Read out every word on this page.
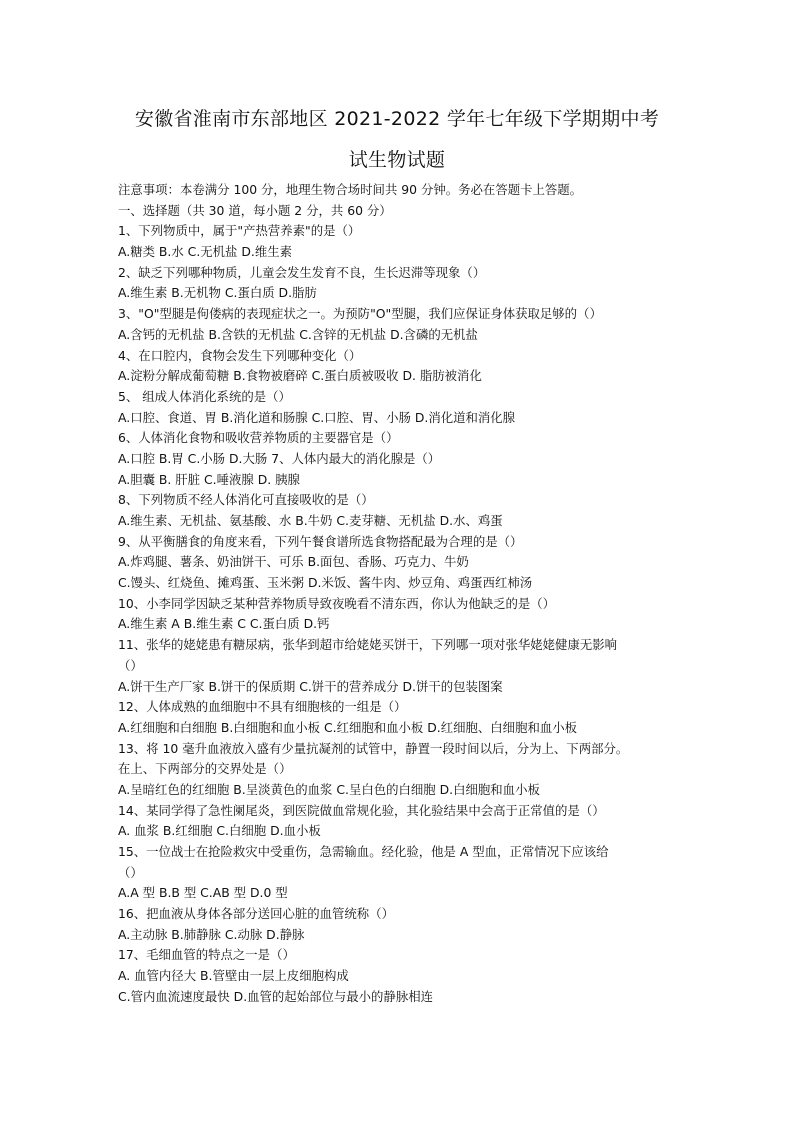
安徽省淮南市东部地区 2021-2022 学年七年级下学期期中考
试生物试题
注意事项：本卷满分 100 分，地理生物合场时间共 90 分钟。务必在答题卡上答题。
一、选择题（共 30 道，每小题 2 分，共 60 分）
1、下列物质中，属于"产热营养素"的是（）
A.糖类 B.水 C.无机盐 D.维生素
2、缺乏下列哪种物质，儿童会发生发育不良，生长迟滞等现象（）
A.维生素 B.无机物 C.蛋白质 D.脂肪
3、"O"型腿是佝偻病的表现症状之一。为预防"O"型腿，我们应保证身体获取足够的（）
A.含钙的无机盐 B.含铁的无机盐 C.含锌的无机盐 D.含磷的无机盐
4、在口腔内，食物会发生下列哪种变化（）
A.淀粉分解成葡萄糖 B.食物被磨碎 C.蛋白质被吸收 D. 脂肪被消化
5、 组成人体消化系统的是（）
A.口腔、食道、胃 B.消化道和肠腺 C.口腔、胃、小肠 D.消化道和消化腺
6、人体消化食物和吸收营养物质的主要器官是（）
A.口腔 B.胃 C.小肠 D.大肠 7、人体内最大的消化腺是（）
A.胆囊 B. 肝脏 C.唾液腺 D. 胰腺
8、下列物质不经人体消化可直接吸收的是（）
A.维生素、无机盐、氨基酸、水 B.牛奶 C.麦芽糖、无机盐 D.水、鸡蛋
9、从平衡膳食的角度来看，下列午餐食谱所选食物搭配最为合理的是（）
A.炸鸡腿、薯条、奶油饼干、可乐 B.面包、香肠、巧克力、牛奶
C.馒头、红烧鱼、摊鸡蛋、玉米粥 D.米饭、酱牛肉、炒豆角、鸡蛋西红柿汤
10、小李同学因缺乏某种营养物质导致夜晚看不清东西，你认为他缺乏的是（）
A.维生素 A B.维生素 C C.蛋白质 D.钙
11、张华的姥姥患有糖尿病，张华到超市给姥姥买饼干，下列哪一项对张华姥姥健康无影响
（）
A.饼干生产厂家 B.饼干的保质期 C.饼干的营养成分 D.饼干的包装图案
12、人体成熟的血细胞中不具有细胞核的一组是（）
A.红细胞和白细胞 B.白细胞和血小板 C.红细胞和血小板 D.红细胞、白细胞和血小板
13、将 10 毫升血液放入盛有少量抗凝剂的试管中，静置一段时间以后，分为上、下两部分。
在上、下两部分的交界处是（）
A.呈暗红色的红细胞 B.呈淡黄色的血浆 C.呈白色的白细胞 D.白细胞和血小板
14、某同学得了急性阑尾炎，到医院做血常规化验，其化验结果中会高于正常值的是（）
A. 血浆 B.红细胞 C.白细胞 D.血小板
15、一位战士在抢险救灾中受重伤，急需输血。经化验，他是 A 型血，正常情况下应该给
（）
A.A 型 B.B 型 C.AB 型 D.0 型
16、把血液从身体各部分送回心脏的血管统称（）
A.主动脉 B.肺静脉 C.动脉 D.静脉
17、毛细血管的特点之一是（）
A. 血管内径大 B.管壁由一层上皮细胞构成
C.管内血流速度最快 D.血管的起始部位与最小的静脉相连
